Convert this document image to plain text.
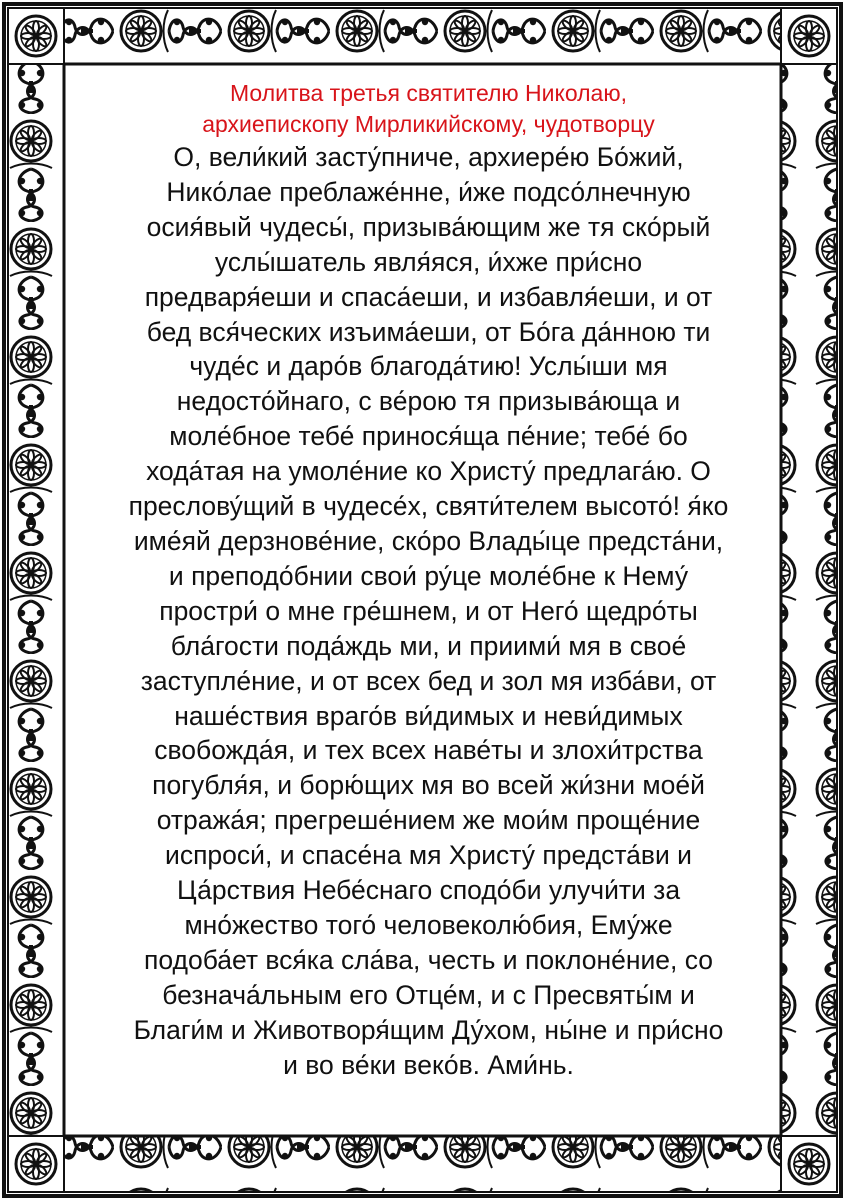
Молитва третья святителю Николаю,
архиепископу Мирликийскому, чудотворцу
О, вели́кий засту́пниче, архиере́ю Бо́жий,
Нико́лае преблаже́нне, и́же подсо́лнечную
осия́вый чудесы́, призыва́ющим же тя ско́рый
услы́шатель явля́яся, и́хже при́сно
предваря́еши и спаса́еши, и избавля́еши, и от
бед вся́ческих изъима́еши, от Бо́га да́нною ти
чуде́с и даро́в благода́тию! Услы́ши мя
недосто́йнаго, с ве́рою тя призыва́юща и
моле́бное тебе́ принося́ща пе́ние; тебе́ бо
хода́тая на умоле́ние ко Христу́ предлага́ю. О
преслову́щий в чудесе́х, святи́телем высото́! я́ко
име́яй дерзнове́ние, ско́ро Влады́це предста́ни,
и преподо́бнии свои́ ру́це моле́бне к Нему́
простри́ о мне гре́шнем, и от Него́ щедро́ты
бла́гости пода́ждь ми, и приими́ мя в свое́
заступле́ние, и от всех бед и зол мя изба́ви, от
наше́ствия враго́в ви́димых и неви́димых
свобожда́я, и тех всех наве́ты и злохи́трства
погубля́я, и борю́щих мя во всей жи́зни мое́й
отража́я; прегреше́нием же мои́м проще́ние
испроси́, и спасе́на мя Христу́ предста́ви и
Ца́рствия Небе́снаго сподо́би улучи́ти за
мно́жество того́ человеколю́бия, Ему́же
подоба́ет вся́ка сла́ва, честь и поклоне́ние, со
безнача́льным его Отце́м, и с Пресвяты́м и
Благи́м и Животворя́щим Ду́хом, ны́не и при́сно
и во ве́ки веко́в. Ами́нь.
